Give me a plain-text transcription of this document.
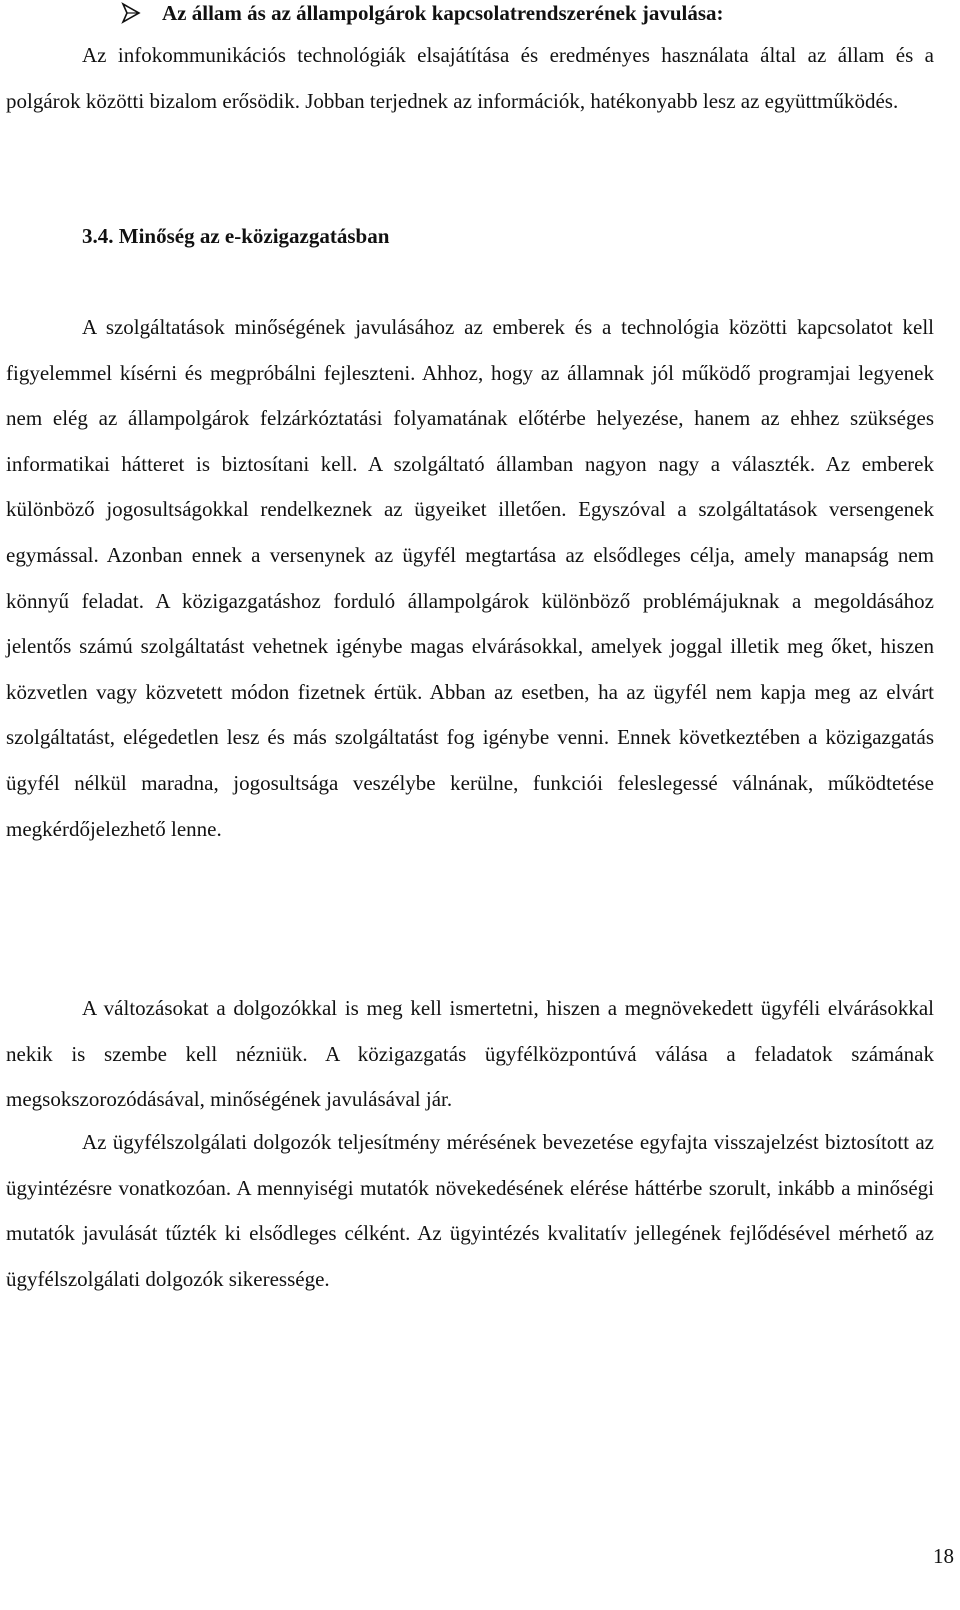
Az állam ás az állampolgárok kapcsolatrendszerének javulása:

Az infokommunikációs technológiák elsajátítása és eredményes használata által az állam és a polgárok közötti bizalom erősödik. Jobban terjednek az információk, hatékonyabb lesz az együttműködés.

3.4. Minőség az e-közigazgatásban

A szolgáltatások minőségének javulásához az emberek és a technológia közötti kapcsolatot kell figyelemmel kísérni és megpróbálni fejleszteni. Ahhoz, hogy az államnak jól működő programjai legyenek nem elég az állampolgárok felzárkóztatási folyamatának előtérbe helyezése, hanem az ehhez szükséges informatikai hátteret is biztosítani kell. A szolgáltató államban nagyon nagy a választék. Az emberek különböző jogosultságokkal rendelkeznek az ügyeiket illetően. Egyszóval a szolgáltatások versengenek egymással. Azonban ennek a versenynek az ügyfél megtartása az elsődleges célja, amely manapság nem könnyű feladat. A közigazgatáshoz forduló állampolgárok különböző problémájuknak a megoldásához jelentős számú szolgáltatást vehetnek igénybe magas elvárásokkal, amelyek joggal illetik meg őket, hiszen közvetlen vagy közvetett módon fizetnek értük. Abban az esetben, ha az ügyfél nem kapja meg az elvárt szolgáltatást, elégedetlen lesz és más szolgáltatást fog igénybe venni. Ennek következtében a közigazgatás ügyfél nélkül maradna, jogosultsága veszélybe kerülne, funkciói feleslegessé válnának, működtetése megkérdőjelezhető lenne.

A változásokat a dolgozókkal is meg kell ismertetni, hiszen a megnövekedett ügyféli elvárásokkal nekik is szembe kell nézniük. A közigazgatás ügyfélközpontúvá válása a feladatok számának megsokszorozódásával, minőségének javulásával jár.

Az ügyfélszolgálati dolgozók teljesítmény mérésének bevezetése egyfajta visszajelzést biztosított az ügyintézésre vonatkozóan. A mennyiségi mutatók növekedésének elérése háttérbe szorult, inkább a minőségi mutatók javulását tűzték ki elsődleges célként. Az ügyintézés kvalitatív jellegének fejlődésével mérhető az ügyfélszolgálati dolgozók sikeressége.

18
